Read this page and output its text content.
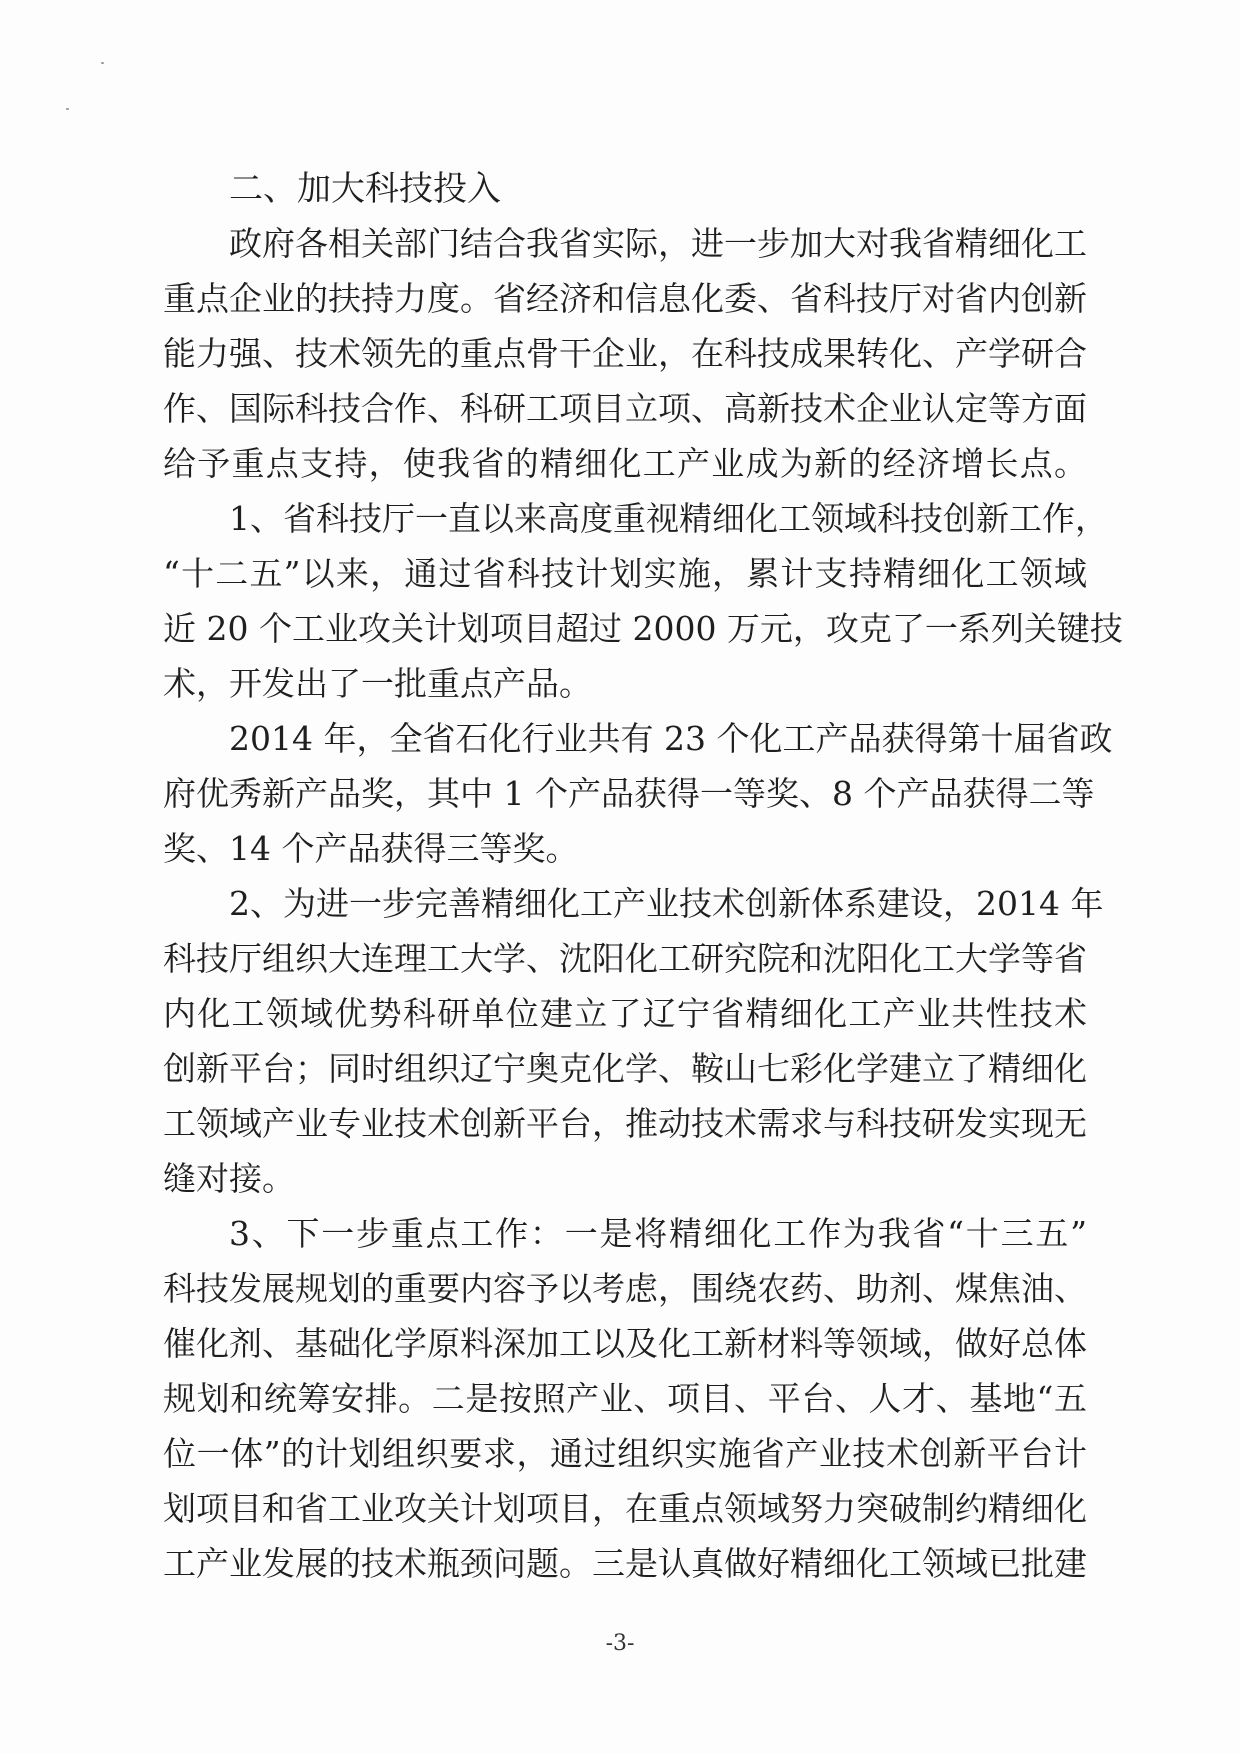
二、加大科技投入
政府各相关部门结合我省实际，进一步加大对我省精细化工
重点企业的扶持力度。省经济和信息化委、省科技厅对省内创新
能力强、技术领先的重点骨干企业，在科技成果转化、产学研合
作、国际科技合作、科研工项目立项、高新技术企业认定等方面
给予重点支持，使我省的精细化工产业成为新的经济增长点。
1、省科技厅一直以来高度重视精细化工领域科技创新工作，
“十二五”以来，通过省科技计划实施，累计支持精细化工领域
近 20 个工业攻关计划项目超过 2000 万元，攻克了一系列关键技
术，开发出了一批重点产品。
2014 年，全省石化行业共有 23 个化工产品获得第十届省政
府优秀新产品奖，其中 1 个产品获得一等奖、8 个产品获得二等
奖、14 个产品获得三等奖。
2、为进一步完善精细化工产业技术创新体系建设，2014 年
科技厅组织大连理工大学、沈阳化工研究院和沈阳化工大学等省
内化工领域优势科研单位建立了辽宁省精细化工产业共性技术
创新平台；同时组织辽宁奥克化学、鞍山七彩化学建立了精细化
工领域产业专业技术创新平台，推动技术需求与科技研发实现无
缝对接。
3、下一步重点工作：一是将精细化工作为我省“十三五”
科技发展规划的重要内容予以考虑，围绕农药、助剂、煤焦油、
催化剂、基础化学原料深加工以及化工新材料等领域，做好总体
规划和统筹安排。二是按照产业、项目、平台、人才、基地“五
位一体”的计划组织要求，通过组织实施省产业技术创新平台计
划项目和省工业攻关计划项目，在重点领域努力突破制约精细化
工产业发展的技术瓶颈问题。三是认真做好精细化工领域已批建
-3-
